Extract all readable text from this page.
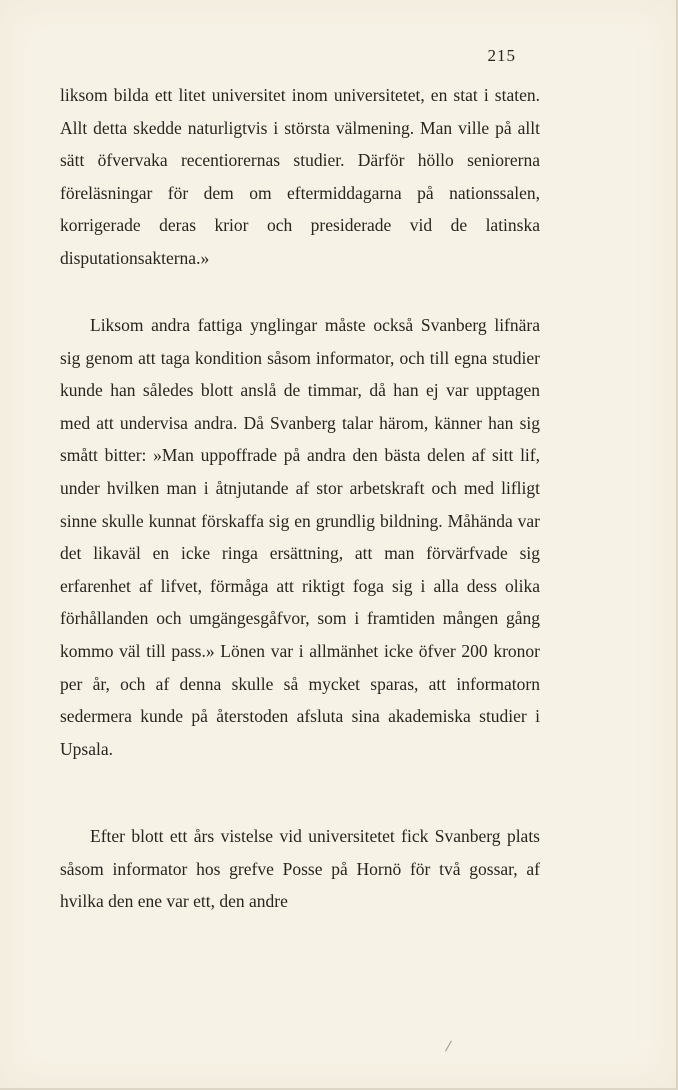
215

liksom bilda ett litet universitet inom universitetet, en stat i staten. Allt detta skedde naturligtvis i största välmening. Man ville på allt sätt öfvervaka recentiorernas studier. Därför höllo seniorerna föreläsningar för dem om eftermiddagarna på nationssalen, korrigerade deras krior och presiderade vid de latinska disputationsakterna.»

Liksom andra fattiga ynglingar måste också Svanberg lifnära sig genom att taga kondition såsom informator, och till egna studier kunde han således blott anslå de timmar, då han ej var upptagen med att undervisa andra. Då Svanberg talar härom, känner han sig smått bitter: »Man uppoffrade på andra den bästa delen af sitt lif, under hvilken man i åtnjutande af stor arbetskraft och med lifligt sinne skulle kunnat förskaffa sig en grundlig bildning. Måhända var det likaväl en icke ringa ersättning, att man förvärfvade sig erfarenhet af lifvet, förmåga att riktigt foga sig i alla dess olika förhållanden och umgängesgåfvor, som i framtiden mången gång kommo väl till pass.» Lönen var i allmänhet icke öfver 200 kronor per år, och af denna skulle så mycket sparas, att informatorn sedermera kunde på återstoden afsluta sina akademiska studier i Upsala.

Efter blott ett års vistelse vid universitetet fick Svanberg plats såsom informator hos grefve Posse på Hornö för två gossar, af hvilka den ene var ett, den andre
